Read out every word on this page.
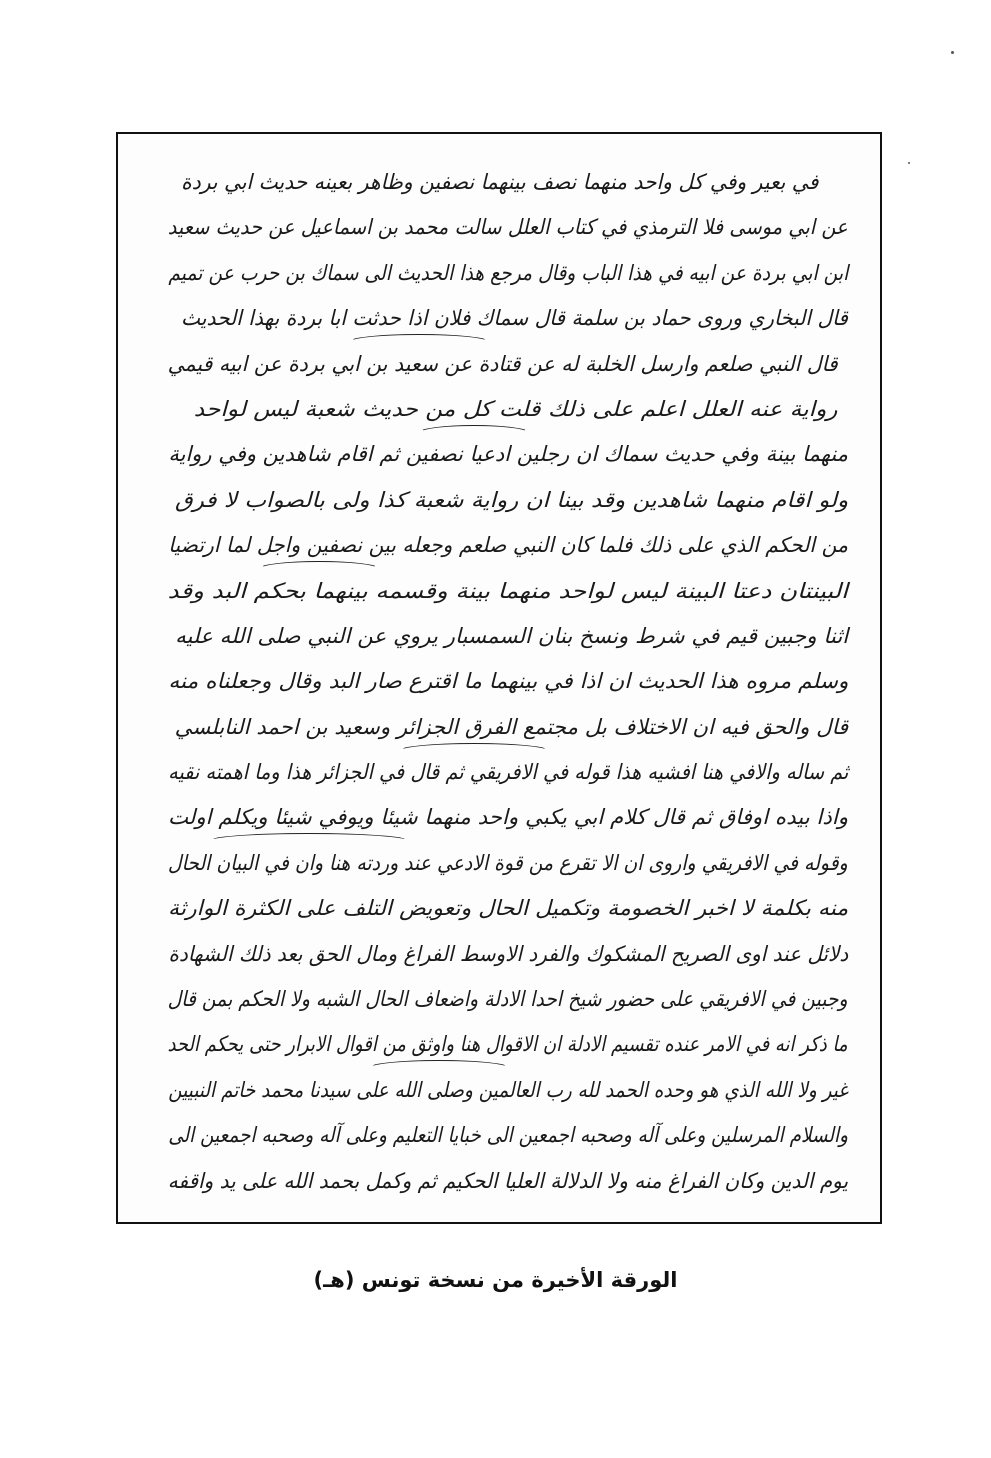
في بعير وفي كل واحد منهما نصف بينهما نصفين وظاهر بعينه حديث ابي بردة
عن ابي موسى فلا الترمذي في كتاب العلل سالت محمد بن اسماعيل عن حديث سعيد
ابن ابي بردة عن ابيه في هذا الباب وقال مرجع هذا الحديث الى سماك بن حرب عن تميم
قال البخاري وروى حماد بن سلمة قال سماك فلان اذا حدثت ابا بردة بهذا الحديث
قال النبي صلعم وارسل الخلبة له عن قتادة عن سعيد بن ابي بردة عن ابيه قيمي
رواية عنه العلل اعلم على ذلك قلت كل من حديث شعبة ليس لواحد
منهما بينة وفي حديث سماك ان رجلين ادعيا نصفين ثم اقام شاهدين وفي رواية
ولو اقام منهما شاهدين وقد بينا ان رواية شعبة كذا ولى بالصواب لا فرق
من الحكم الذي على ذلك فلما كان النبي صلعم وجعله بين نصفين واجل لما ارتضيا
البينتان دعتا البينة ليس لواحد منهما بينة وقسمه بينهما بحكم البد وقد
اثنا وجبين قيم في شرط ونسخ بنان السمسبار يروي عن النبي صلى الله عليه
وسلم مروه هذا الحديث ان اذا في بينهما ما اقترع صار البد وقال وجعلناه منه
قال والحق فيه ان الاختلاف بل مجتمع الفرق الجزائر وسعيد بن احمد النابلسي
ثم ساله والافي هنا افشيه هذا قوله في الافريقي ثم قال في الجزائر هذا وما اهمته نقيه
واذا بيده اوفاق ثم قال كلام ابي يكبي واحد منهما شيئا ويوفي شيئا ويكلم اولت
وقوله في الافريقي واروى ان الا تقرع من قوة الادعي عند وردته هنا وان في البيان الحال
منه بكلمة لا اخبر الخصومة وتكميل الحال وتعويض التلف على الكثرة الوارثة
دلائل عند اوى الصريح المشكوك والفرد الاوسط الفراغ ومال الحق بعد ذلك الشهادة
وجبين في الافريقي على حضور شيخ احدا الادلة واضعاف الحال الشبه ولا الحكم بمن قال
ما ذكر انه في الامر عنده تقسيم الادلة ان الاقوال هنا واوثق من اقوال الابرار حتى يحكم الحد
غير ولا الله الذي هو وحده الحمد لله رب العالمين وصلى الله على سيدنا محمد خاتم النبيين
والسلام المرسلين وعلى آله وصحبه اجمعين الى خبايا التعليم وعلى آله وصحبه اجمعين الى
يوم الدين وكان الفراغ منه ولا الدلالة العليا الحكيم ثم وكمل بحمد الله على يد واقفه
الورقة الأخيرة من نسخة تونس (هـ)
